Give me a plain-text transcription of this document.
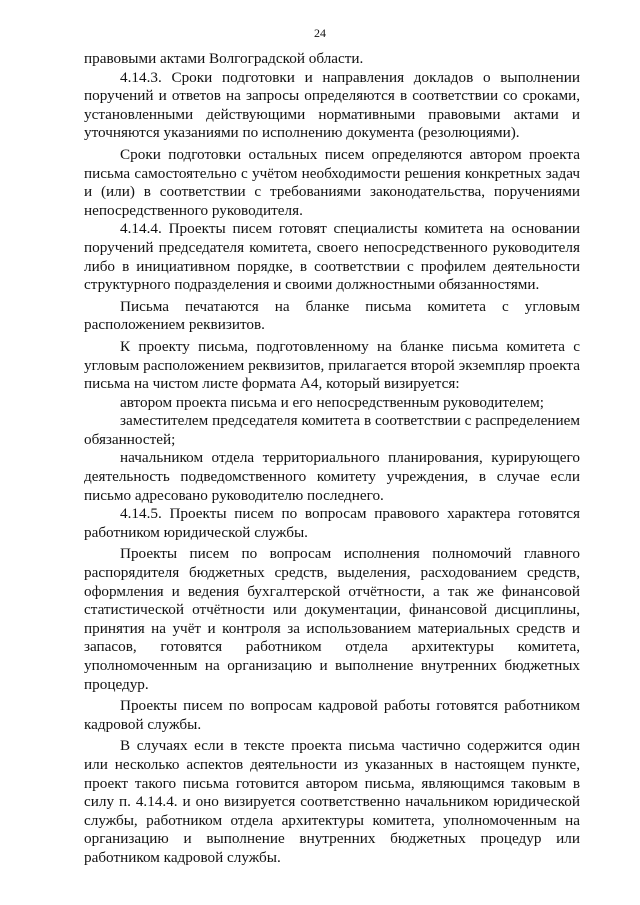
24

правовыми актами Волгоградской области.

4.14.3. Сроки подготовки и направления докладов о выполнении поручений и ответов на запросы определяются в соответствии со сроками, установленными действующими нормативными правовыми актами и уточняются указаниями по исполнению документа (резолюциями).

Сроки подготовки остальных писем определяются автором проекта письма самостоятельно с учётом необходимости решения конкретных задач и (или) в соответствии с требованиями законодательства, поручениями непосредственного руководителя.

4.14.4. Проекты писем готовят специалисты комитета на основании поручений председателя комитета, своего непосредственного руководителя либо в инициативном порядке, в соответствии с профилем деятельности структурного подразделения и своими должностными обязанностями.

Письма печатаются на бланке письма комитета с угловым расположением реквизитов.

К проекту письма, подготовленному на бланке письма комитета с угловым расположением реквизитов, прилагается второй экземпляр проекта письма на чистом листе формата А4, который визируется:

автором проекта письма и его непосредственным руководителем;

заместителем председателя комитета в соответствии с распределением обязанностей;

начальником отдела территориального планирования, курирующего деятельность подведомственного комитету учреждения, в случае если письмо адресовано руководителю последнего.

4.14.5. Проекты писем по вопросам правового характера готовятся работником юридической службы.

Проекты писем по вопросам исполнения полномочий главного распорядителя бюджетных средств, выделения, расходованием средств, оформления и ведения бухгалтерской отчётности, а так же финансовой статистической отчётности или документации, финансовой дисциплины, принятия на учёт и контроля за использованием материальных средств и запасов, готовятся работником отдела архитектуры комитета, уполномоченным на организацию и выполнение внутренних бюджетных процедур.

Проекты писем по вопросам кадровой работы готовятся работником кадровой службы.

В случаях если в тексте проекта письма частично содержится один или несколько аспектов деятельности из указанных в настоящем пункте, проект такого письма готовится автором письма, являющимся таковым в силу п. 4.14.4. и оно визируется соответственно начальником юридической службы, работником отдела архитектуры комитета, уполномоченным на организацию и выполнение внутренних бюджетных процедур или работником кадровой службы.
